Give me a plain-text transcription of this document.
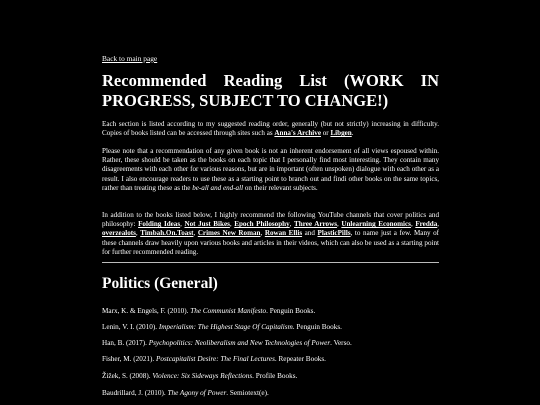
Back to main page
Recommended Reading List (WORK IN PROGRESS, SUBJECT TO CHANGE!)

Each section is listed according to my suggested reading order, generally (but not strictly) increasing in difficulty. Copies of books listed can be accessed through sites such as Anna's Archive or Libgen.

Please note that a recommendation of any given book is not an inherent endorsement of all views espoused within. Rather, these should be taken as the books on each topic that I personally find most interesting. They contain many disagreements with each other for various reasons, but are in important (often unspoken) dialogue with each other as a result. I also encourage readers to use these as a starting point to branch out and findi other books on the same topics, rather than treating these as the be-all and end-all on their relevant subjects.

In addition to the books listed below, I highly recommend the following YouTube channels that cover politics and philosophy: Folding Ideas, Not Just Bikes, Epoch Philosophy, Three Arrows, Unlearning Economics, Fredda, overzealots, Timbah.On.Toast, Crimes New Roman, Rowan Ellis and PlasticPills, to name just a few. Many of these channels draw heavily upon various books and articles in their videos, which can also be used as a starting point for further recommended reading.

Politics (General)

Marx, K. & Engels, F. (2010). The Communist Manifesto. Penguin Books.

Lenin, V. I. (2010). Imperialism: The Highest Stage Of Capitalism. Penguin Books.

Han, B. (2017). Psychopolitics: Neoliberalism and New Technologies of Power. Verso.

Fisher, M. (2021). Postcapitalist Desire: The Final Lectures. Repeater Books.

Žižek, S. (2008). Violence: Six Sideways Reflections. Profile Books.

Baudrillard, J. (2010). The Agony of Power. Semiotext(e).
